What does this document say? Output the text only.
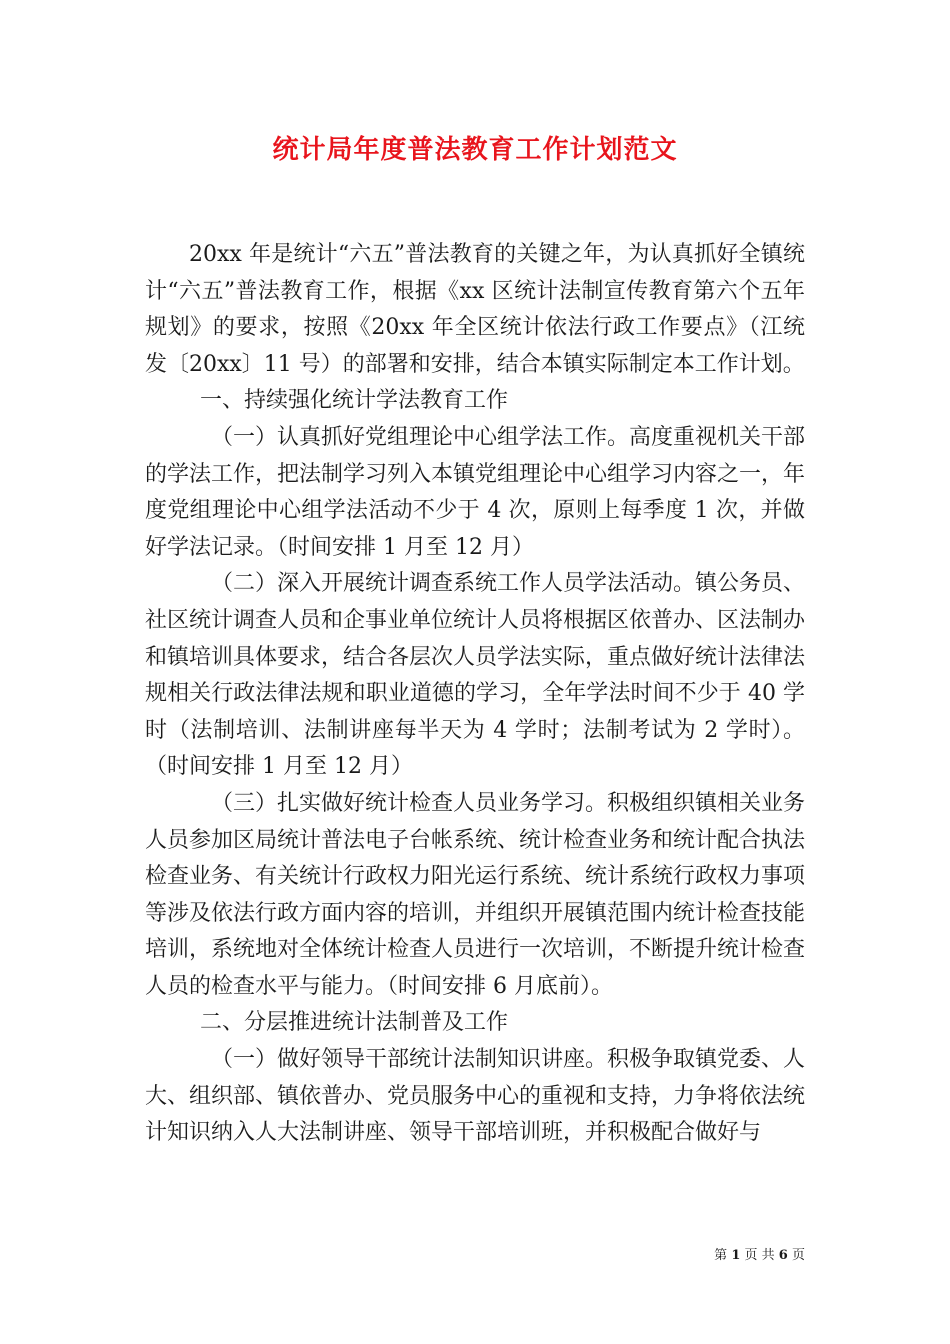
统计局年度普法教育工作计划范文

20xx 年是统计“六五”普法教育的关键之年，为认真抓好全镇统计“六五”普法教育工作，根据《xx 区统计法制宣传教育第六个五年规划》的要求，按照《20xx 年全区统计依法行政工作要点》（江统发〔20xx〕11 号）的部署和安排，结合本镇实际制定本工作计划。

一、持续强化统计学法教育工作

（一）认真抓好党组理论中心组学法工作。高度重视机关干部的学法工作，把法制学习列入本镇党组理论中心组学习内容之一，年度党组理论中心组学法活动不少于 4 次，原则上每季度 1 次，并做好学法记录。（时间安排 1 月至 12 月）

（二）深入开展统计调查系统工作人员学法活动。镇公务员、社区统计调查人员和企事业单位统计人员将根据区依普办、区法制办和镇培训具体要求，结合各层次人员学法实际，重点做好统计法律法规相关行政法律法规和职业道德的学习，全年学法时间不少于 40 学时（法制培训、法制讲座每半天为 4 学时；法制考试为 2 学时）。（时间安排 1 月至 12 月）

（三）扎实做好统计检查人员业务学习。积极组织镇相关业务人员参加区局统计普法电子台帐系统、统计检查业务和统计配合执法检查业务、有关统计行政权力阳光运行系统、统计系统行政权力事项等涉及依法行政方面内容的培训，并组织开展镇范围内统计检查技能培训，系统地对全体统计检查人员进行一次培训，不断提升统计检查人员的检查水平与能力。（时间安排 6 月底前）。

二、分层推进统计法制普及工作

（一）做好领导干部统计法制知识讲座。积极争取镇党委、人大、组织部、镇依普办、党员服务中心的重视和支持，力争将依法统计知识纳入人大法制讲座、领导干部培训班，并积极配合做好与

第 1 页 共 6 页
